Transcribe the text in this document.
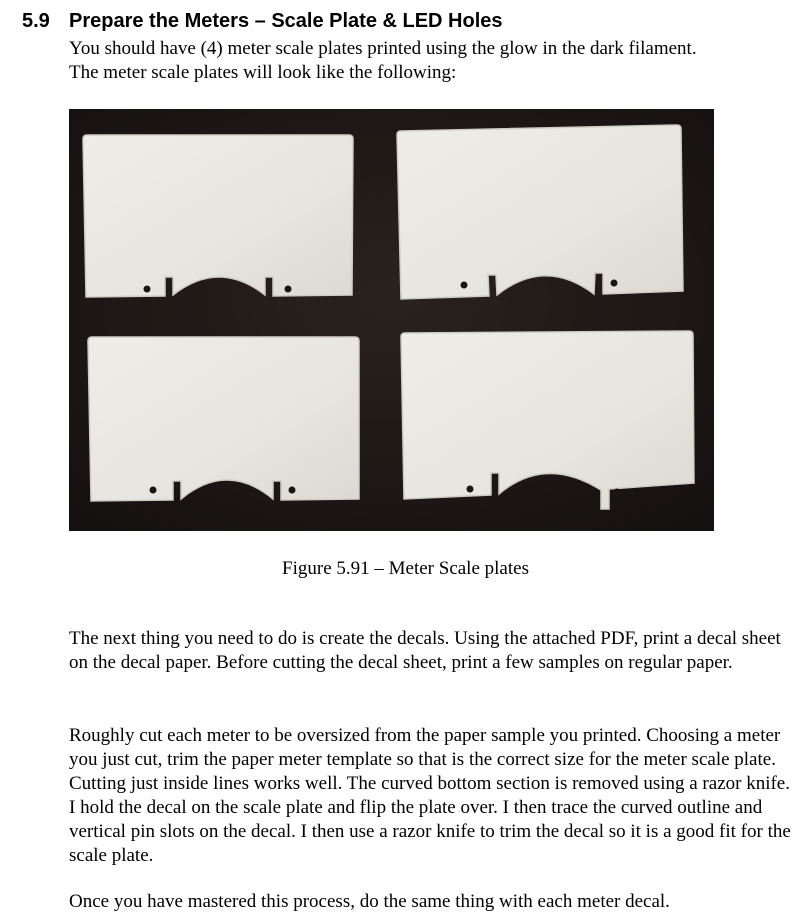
5.9 Prepare the Meters – Scale Plate & LED Holes

You should have (4) meter scale plates printed using the glow in the dark filament.

The meter scale plates will look like the following:

Figure 5.91 – Meter Scale plates

The next thing you need to do is create the decals. Using the attached PDF, print a decal sheet on the decal paper. Before cutting the decal sheet, print a few samples on regular paper.

Roughly cut each meter to be oversized from the paper sample you printed. Choosing a meter you just cut, trim the paper meter template so that is the correct size for the meter scale plate. Cutting just inside lines works well. The curved bottom section is removed using a razor knife. I hold the decal on the scale plate and flip the plate over. I then trace the curved outline and vertical pin slots on the decal. I then use a razor knife to trim the decal so it is a good fit for the scale plate.

Once you have mastered this process, do the same thing with each meter decal.
